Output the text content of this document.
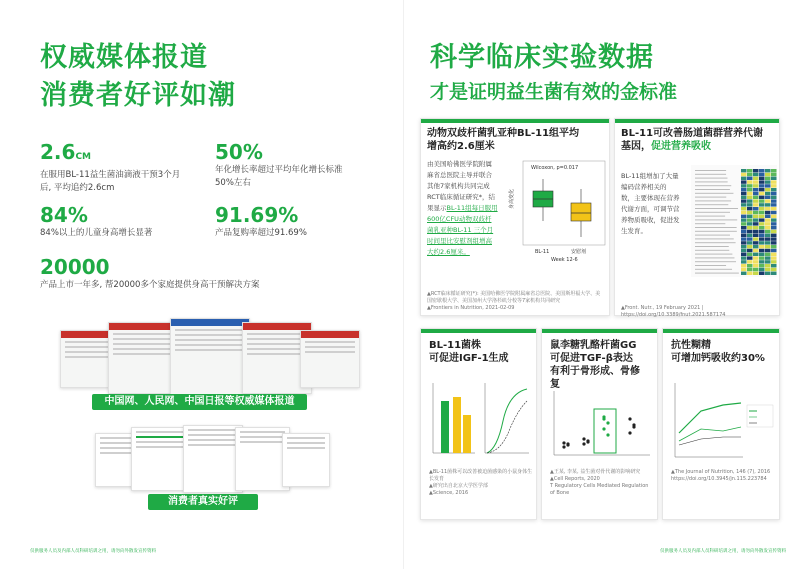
权威媒体报道
消费者好评如潮
2.6CM
在服用BL-11益生菌油滴液干预3个月
后, 平均追约2.6cm
50%
年化增长率超过平均年化增长标准
50%左右
84%
84%以上的儿童身高增长显著
91.69%
产品复购率超过91.69%
20000
产品上市一年多, 帮20000多个家庭提供身高干预解决方案
中国网、人民网、中国日报等权威媒体报道
消费者真实好评
仅供服务人员及内部人员科研培训之用，请勿向外散发宣传资料
科学临床实验数据
才是证明益生菌有效的金标准
动物双歧杆菌乳亚种BL-11组平均
增高约2.6厘米
由美国哈佛医学院附属
麻省总医院主导并联合
其他7家机构共同完成
RCT临床循证研究*，结
果显示BL-11组每日服用
600亿CFU动物双歧杆
菌乳亚种BL-11 三个月
时间里比安慰剂组增高
大约2.6厘米。
Wilcoxon, p=0.017
身高变化
BL-11	安慰剂
Week 12-6
▲RCT临床循证研究(*): 美国哈佛医学院附属麻省总医院、美国斯坦福大学、美国密歇根大学、美国加州大学洛杉矶分校等7家机构共同研究
▲Frontiers in Nutrition, 2021-02-09
BL-11可改善肠道菌群营养代谢
基因，促进营养吸收
BL-11组增加了大量
编码营养相关的
数，主要体现在营养
代谢方面，可调节营
养物质吸收，促进发
生发育。
▲Front. Nutr., 19 February 2021 | https://doi.org/10.3389/fnut.2021.587174
BL-11菌株
可促进IGF-1生成
▲BL-11菌株可以改善被迫菌感染的小鼠身体生长发育
▲研究出自北京大学医学部
▲Science, 2016
鼠李糖乳酪杆菌GG
可促进TGF-β表达
有利于骨形成、骨修复
▲王某, 李某, 益生菌对骨代谢的影响研究
▲Cell Reports, 2020
T Regulatory Cells Mediated Regulation of Bone
抗性糊精
可增加钙吸收约30%
▲The Journal of Nutrition, 146 (7), 2016
https://doi.org/10.3945/jn.115.223784
仅供服务人员及内部人员科研培训之用，请勿向外散发宣传资料
